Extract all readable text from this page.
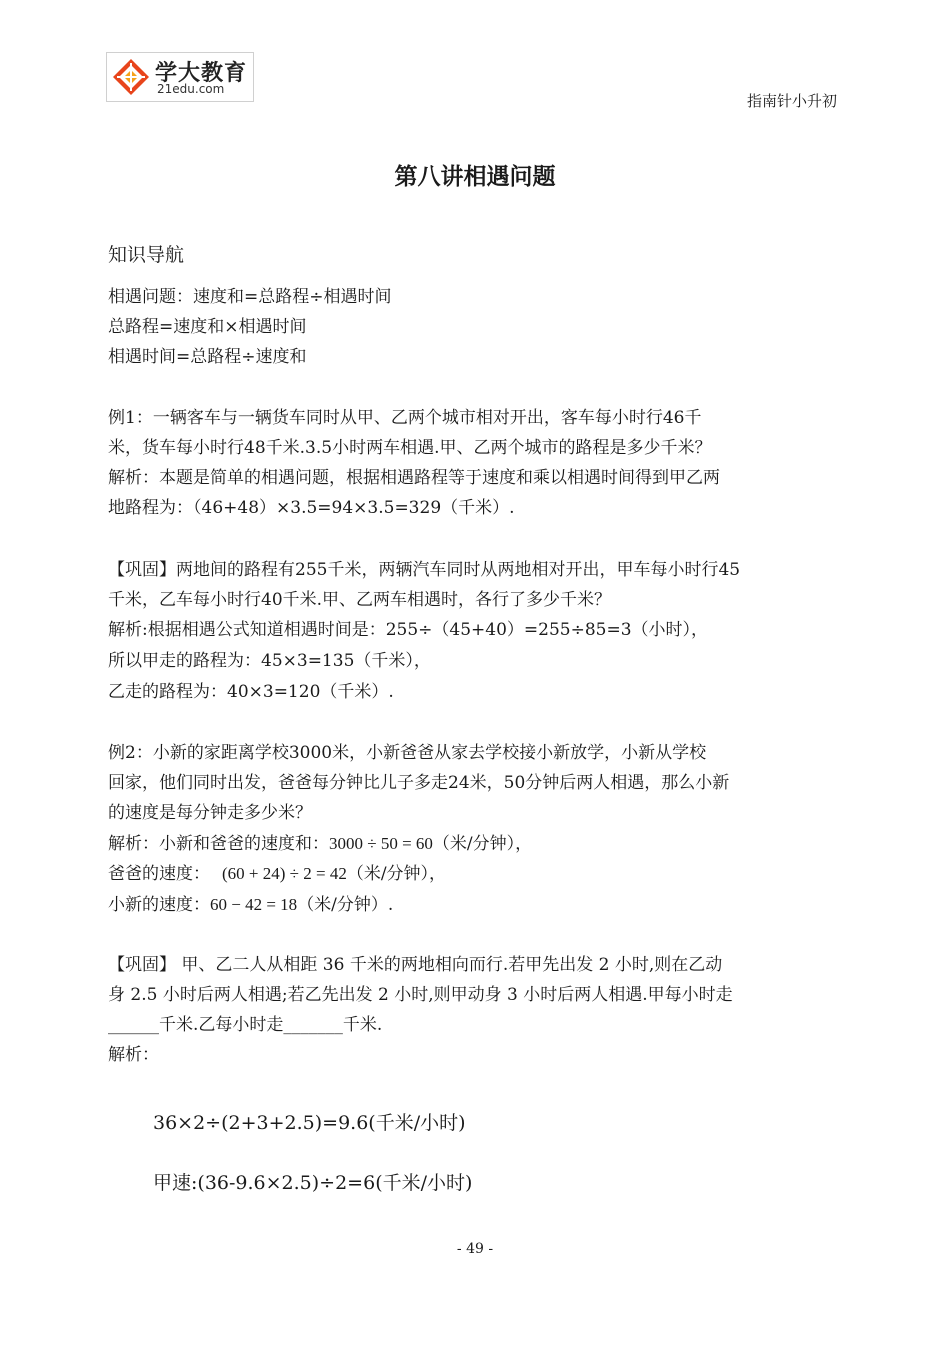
学大教育
21edu.com
指南针小升初
第八讲相遇问题
知识导航
相遇问题：速度和=总路程÷相遇时间
总路程=速度和×相遇时间
相遇时间=总路程÷速度和
例1：一辆客车与一辆货车同时从甲、乙两个城市相对开出，客车每小时行46千
米，货车每小时行48千米.3.5小时两车相遇.甲、乙两个城市的路程是多少千米？
解析：本题是简单的相遇问题，根据相遇路程等于速度和乘以相遇时间得到甲乙两
地路程为：（46+48）×3.5=94×3.5=329（千米）.
【巩固】两地间的路程有255千米，两辆汽车同时从两地相对开出，甲车每小时行45
千米，乙车每小时行40千米.甲、乙两车相遇时，各行了多少千米？
解析:根据相遇公式知道相遇时间是：255÷（45+40）=255÷85=3（小时），
所以甲走的路程为：45×3=135（千米），
乙走的路程为：40×3=120（千米）.
例2：小新的家距离学校3000米，小新爸爸从家去学校接小新放学，小新从学校
回家，他们同时出发，爸爸每分钟比儿子多走24米，50分钟后两人相遇，那么小新
的速度是每分钟走多少米？
解析：小新和爸爸的速度和：3000 ÷ 50 = 60（米/分钟），
爸爸的速度： (60 + 24) ÷ 2 = 42（米/分钟），
小新的速度：60 − 42 = 18（米/分钟）.
【巩固】 甲、乙二人从相距 36 千米的两地相向而行.若甲先出发 2 小时,则在乙动
身 2.5 小时后两人相遇;若乙先出发 2 小时,则甲动身 3 小时后两人相遇.甲每小时走
______千米.乙每小时走_______千米.
解析：
36×2÷(2+3+2.5)=9.6(千米/小时)
甲速:(36-9.6×2.5)÷2=6(千米/小时)
- 49 -
